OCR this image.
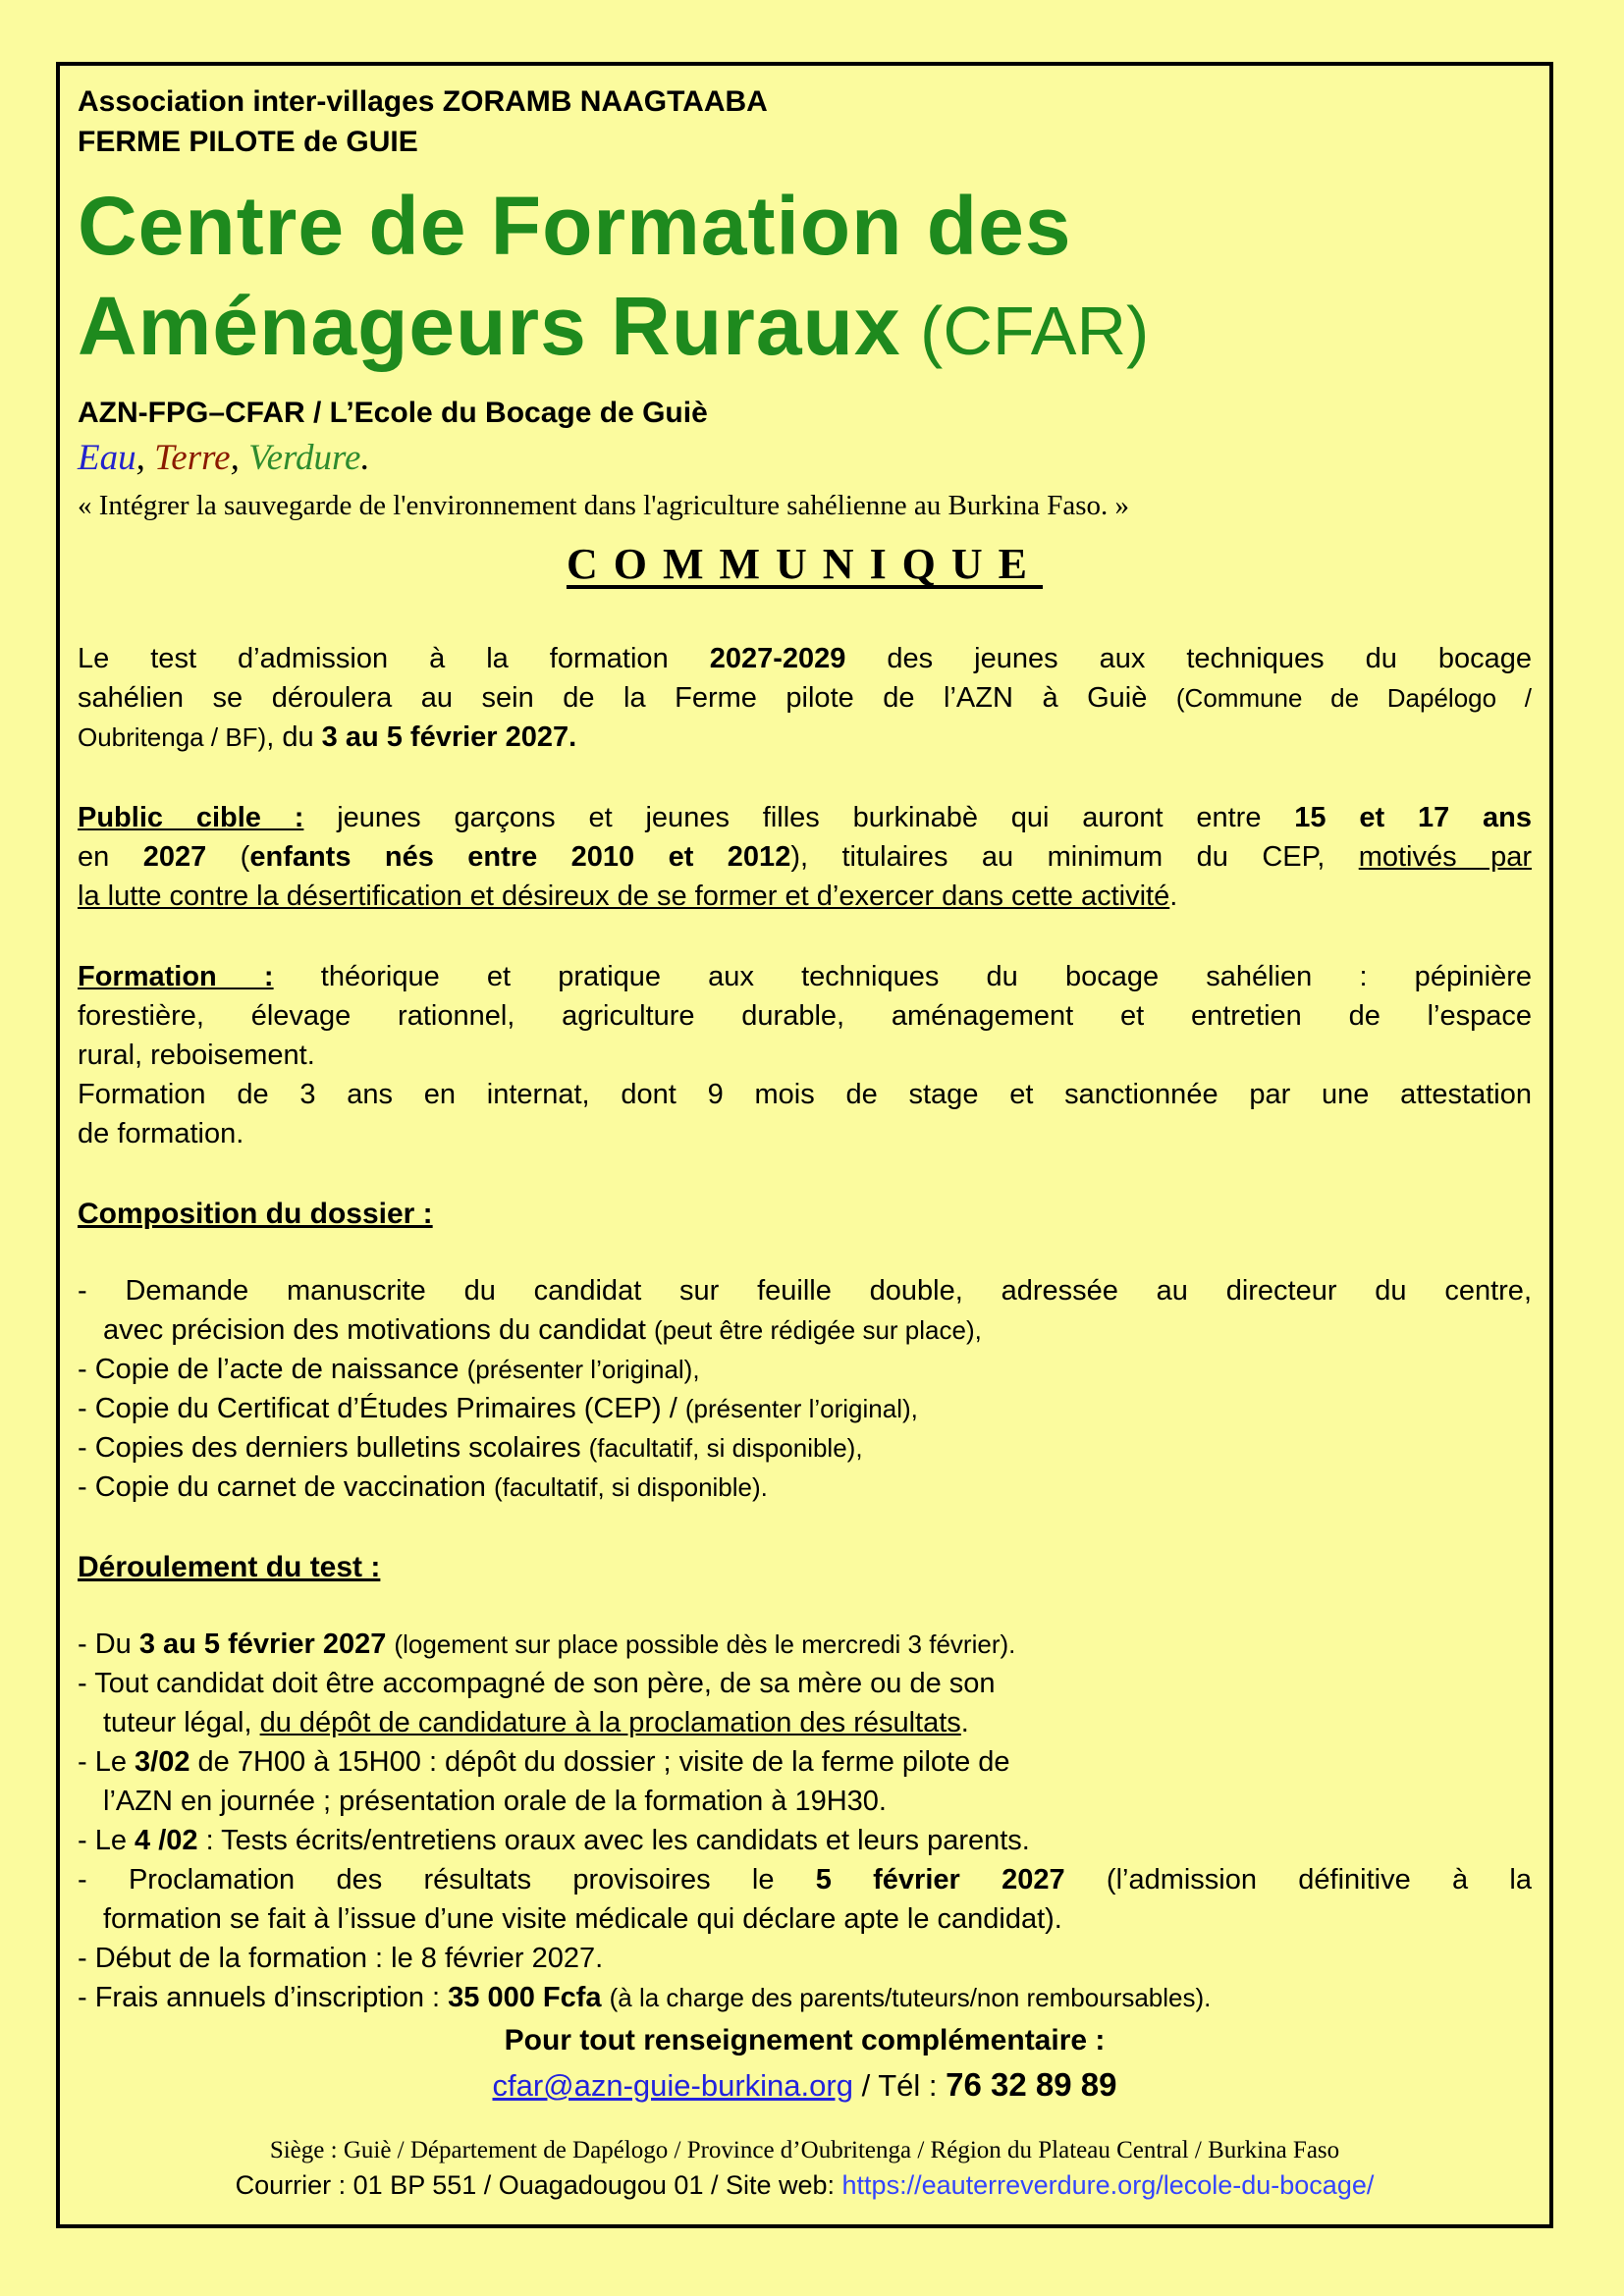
Association inter-villages ZORAMB NAAGTAABA
FERME PILOTE de GUIE
Centre de Formation des
Aménageurs Ruraux (CFAR)
AZN-FPG–CFAR / L’Ecole du Bocage de Guiè
Eau, Terre, Verdure.
« Intégrer la sauvegarde de l'environnement dans l'agriculture sahélienne au Burkina Faso. »
COMMUNIQUE
Le test d’admission à la formation 2027-2029 des jeunes aux techniques du bocage
sahélien se déroulera au sein de la Ferme pilote de l’AZN à Guiè (Commune de Dapélogo /
Oubritenga / BF), du 3 au 5 février 2027.
Public cible : jeunes garçons et jeunes filles burkinabè qui auront entre 15 et 17 ans
en 2027 (enfants nés entre 2010 et 2012), titulaires au minimum du CEP, motivés par
la lutte contre la désertification et désireux de se former et d’exercer dans cette activité.
Formation : théorique et pratique aux techniques du bocage sahélien : pépinière
forestière, élevage rationnel, agriculture durable, aménagement et entretien de l’espace
rural, reboisement.
Formation de 3 ans en internat, dont 9 mois de stage et sanctionnée par une attestation
de formation.
Composition du dossier :
- Demande manuscrite du candidat sur feuille double, adressée au directeur du centre,
avec précision des motivations du candidat (peut être rédigée sur place),
- Copie de l’acte de naissance (présenter l’original),
- Copie du Certificat d’Études Primaires (CEP) / (présenter l’original),
- Copies des derniers bulletins scolaires (facultatif, si disponible),
- Copie du carnet de vaccination (facultatif, si disponible).
Déroulement du test :
- Du 3 au 5 février 2027 (logement sur place possible dès le mercredi 3 février).
- Tout candidat doit être accompagné de son père, de sa mère ou de son
tuteur légal, du dépôt de candidature à la proclamation des résultats.
- Le 3/02 de 7H00 à 15H00 : dépôt du dossier ; visite de la ferme pilote de
l’AZN en journée ; présentation orale de la formation à 19H30.
- Le 4 /02 : Tests écrits/entretiens oraux avec les candidats et leurs parents.
- Proclamation des résultats provisoires le 5 février 2027 (l’admission définitive à la
formation se fait à l’issue d’une visite médicale qui déclare apte le candidat).
- Début de la formation : le 8 février 2027.
- Frais annuels d’inscription : 35 000 Fcfa (à la charge des parents/tuteurs/non remboursables).
Pour tout renseignement complémentaire :
cfar@azn-guie-burkina.org / Tél : 76 32 89 89
Siège : Guiè / Département de Dapélogo / Province d’Oubritenga / Région du Plateau Central / Burkina Faso
Courrier : 01 BP 551 / Ouagadougou 01 / Site web: https://eauterreverdure.org/lecole-du-bocage/
